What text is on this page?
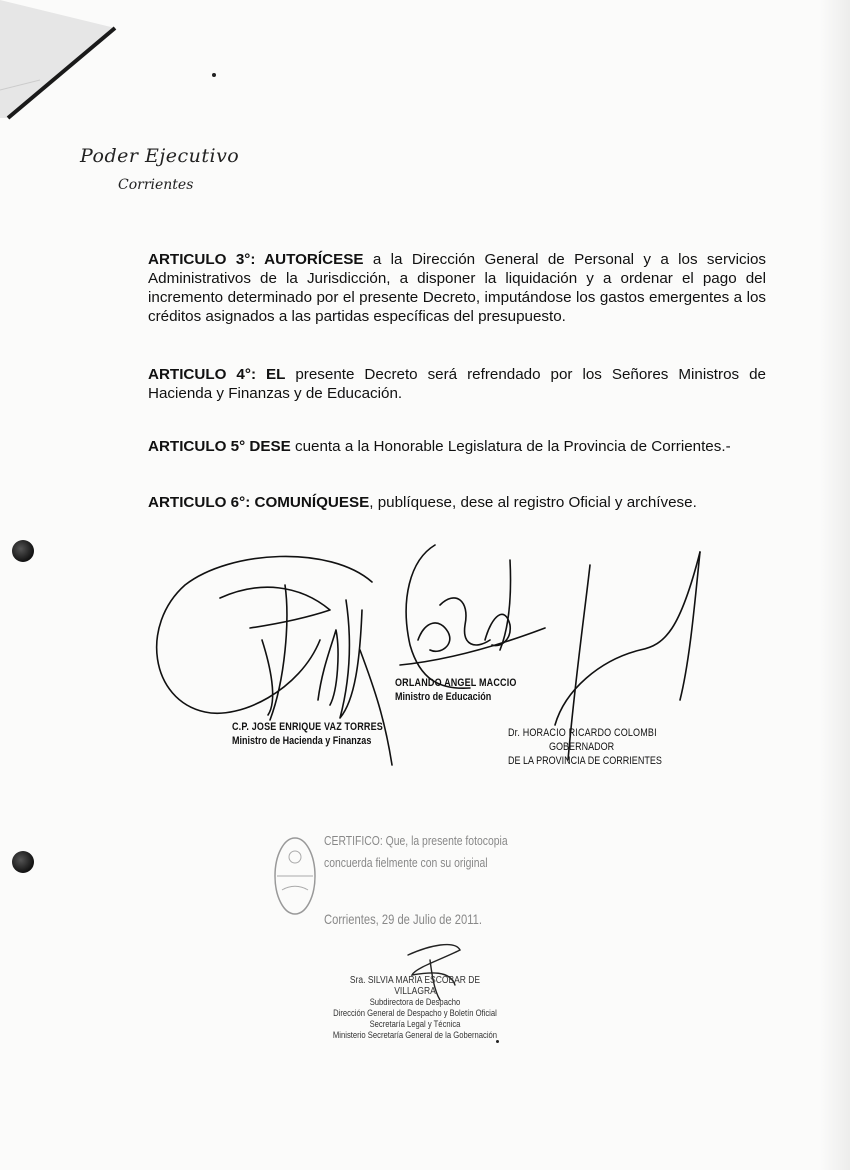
Poder Ejecutivo
Corrientes
ARTICULO 3°: AUTORÍCESE a la Dirección General de Personal y a los servicios Administrativos de la Jurisdicción, a disponer la liquidación y a ordenar el pago del incremento determinado por el presente Decreto, imputándose los gastos emergentes a los créditos asignados a las partidas específicas del presupuesto.
ARTICULO 4°: EL presente Decreto será refrendado por los Señores Ministros de Hacienda y Finanzas y de Educación.
ARTICULO 5° DESE cuenta a la Honorable Legislatura de la Provincia de Corrientes.-
ARTICULO 6°: COMUNÍQUESE, publíquese, dese al registro Oficial y archívese.
C.P. JOSE ENRIQUE VAZ TORRES
Ministro de Hacienda y Finanzas
ORLANDO ANGEL MACCIO
Ministro de Educación
Dr. HORACIO RICARDO COLOMBI
GOBERNADOR
DE LA PROVINCIA DE CORRIENTES
CERTIFICO: Que, la presente fotocopia
concuerda fielmente con su original
Corrientes, 29 de Julio de 2011.
Sra. SILVIA MARIA ESCOBAR DE VILLAGRA
Subdirectora de Despacho
Dirección General de Despacho y Boletín Oficial
Secretaría Legal y Técnica
Ministerio Secretaría General de la Gobernación
